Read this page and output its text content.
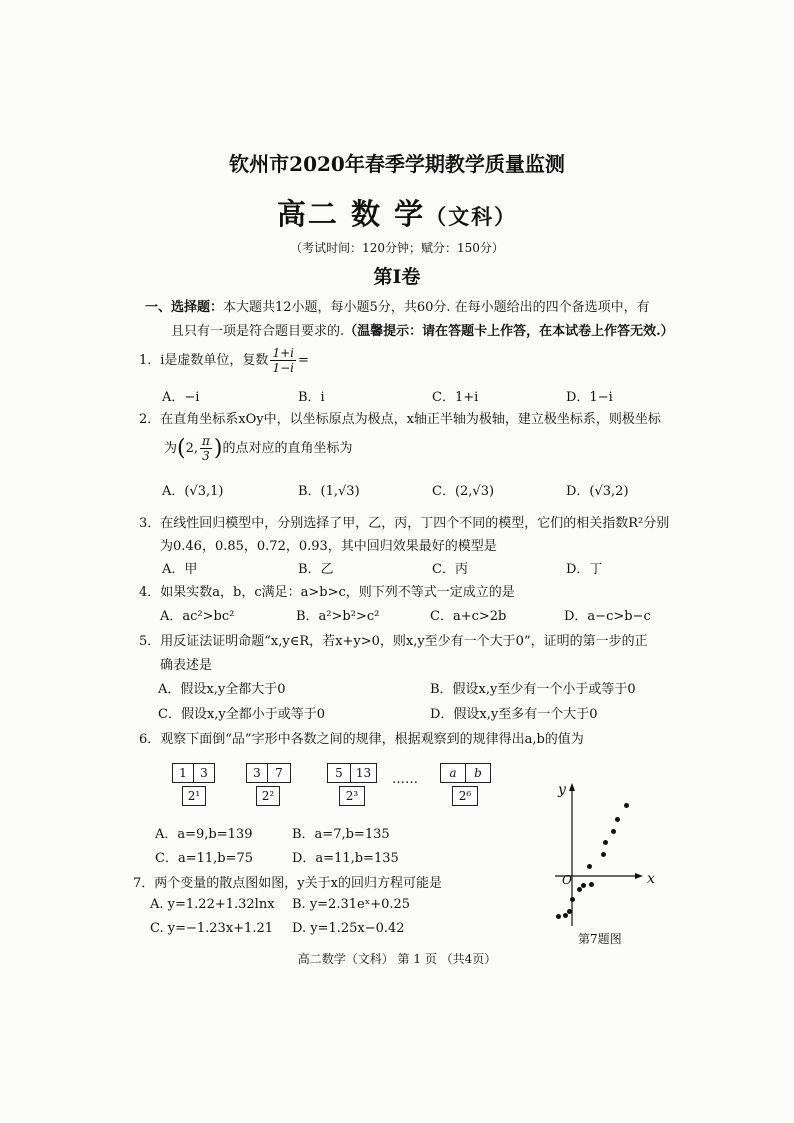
钦州市2020年春季学期教学质量监测
高二 数 学（文科）
（考试时间：120分钟；赋分：150分）
第Ⅰ卷
一、选择题：本大题共12小题，每小题5分，共60分. 在每小题给出的四个备选项中，有
且只有一项是符合题目要求的.（温馨提示：请在答题卡上作答，在本试卷上作答无效.）
1．i是虚数单位，复数 $\frac{1+i}{1-i}$ =
A．−i	B．i	C．1+i	D．1−i
2．在直角坐标系xOy中，以坐标原点为极点，x轴正半轴为极轴，建立极坐标系，则极坐标
为(2, $\frac{\pi}{3}$ )的点对应的直角坐标为
A．(√3,1)	B．(1,√3)	C．(2,√3)	D．(√3,2)
3．在线性回归模型中，分别选择了甲，乙，丙，丁四个不同的模型，它们的相关指数R²分别
为0.46，0.85，0.72，0.93，其中回归效果最好的模型是
A．甲	B．乙	C．丙	D．丁
4．如果实数a，b，c满足：a>b>c，则下列不等式一定成立的是
A．ac²>bc²	B．a²>b²>c²	C．a+c>2b	D．a−c>b−c
5．用反证法证明命题“x,y∈R，若x+y>0，则x,y至少有一个大于0”，证明的第一步的正
确表述是
A．假设x,y全都大于0	B．假设x,y至少有一个小于或等于0
C．假设x,y全都小于或等于0	D．假设x,y至多有一个大于0
6．观察下面倒“品”字形中各数之间的规律，根据观察到的规律得出a,b的值为
1	3
2¹
3	7
2²
5	13
2³
……	a	b
2⁶
A．a=9,b=139	B．a=7,b=135
C．a=11,b=75	D．a=11,b=135
7．两个变量的散点图如图，y关于x的回归方程可能是
A. y=1.22+1.32lnx B. y=2.31eˣ+0.25
C. y=−1.23x+1.21 D. y=1.25x−0.42
y
x
O
第7题图
高二数学（文科） 第 1 页 （共4页）
